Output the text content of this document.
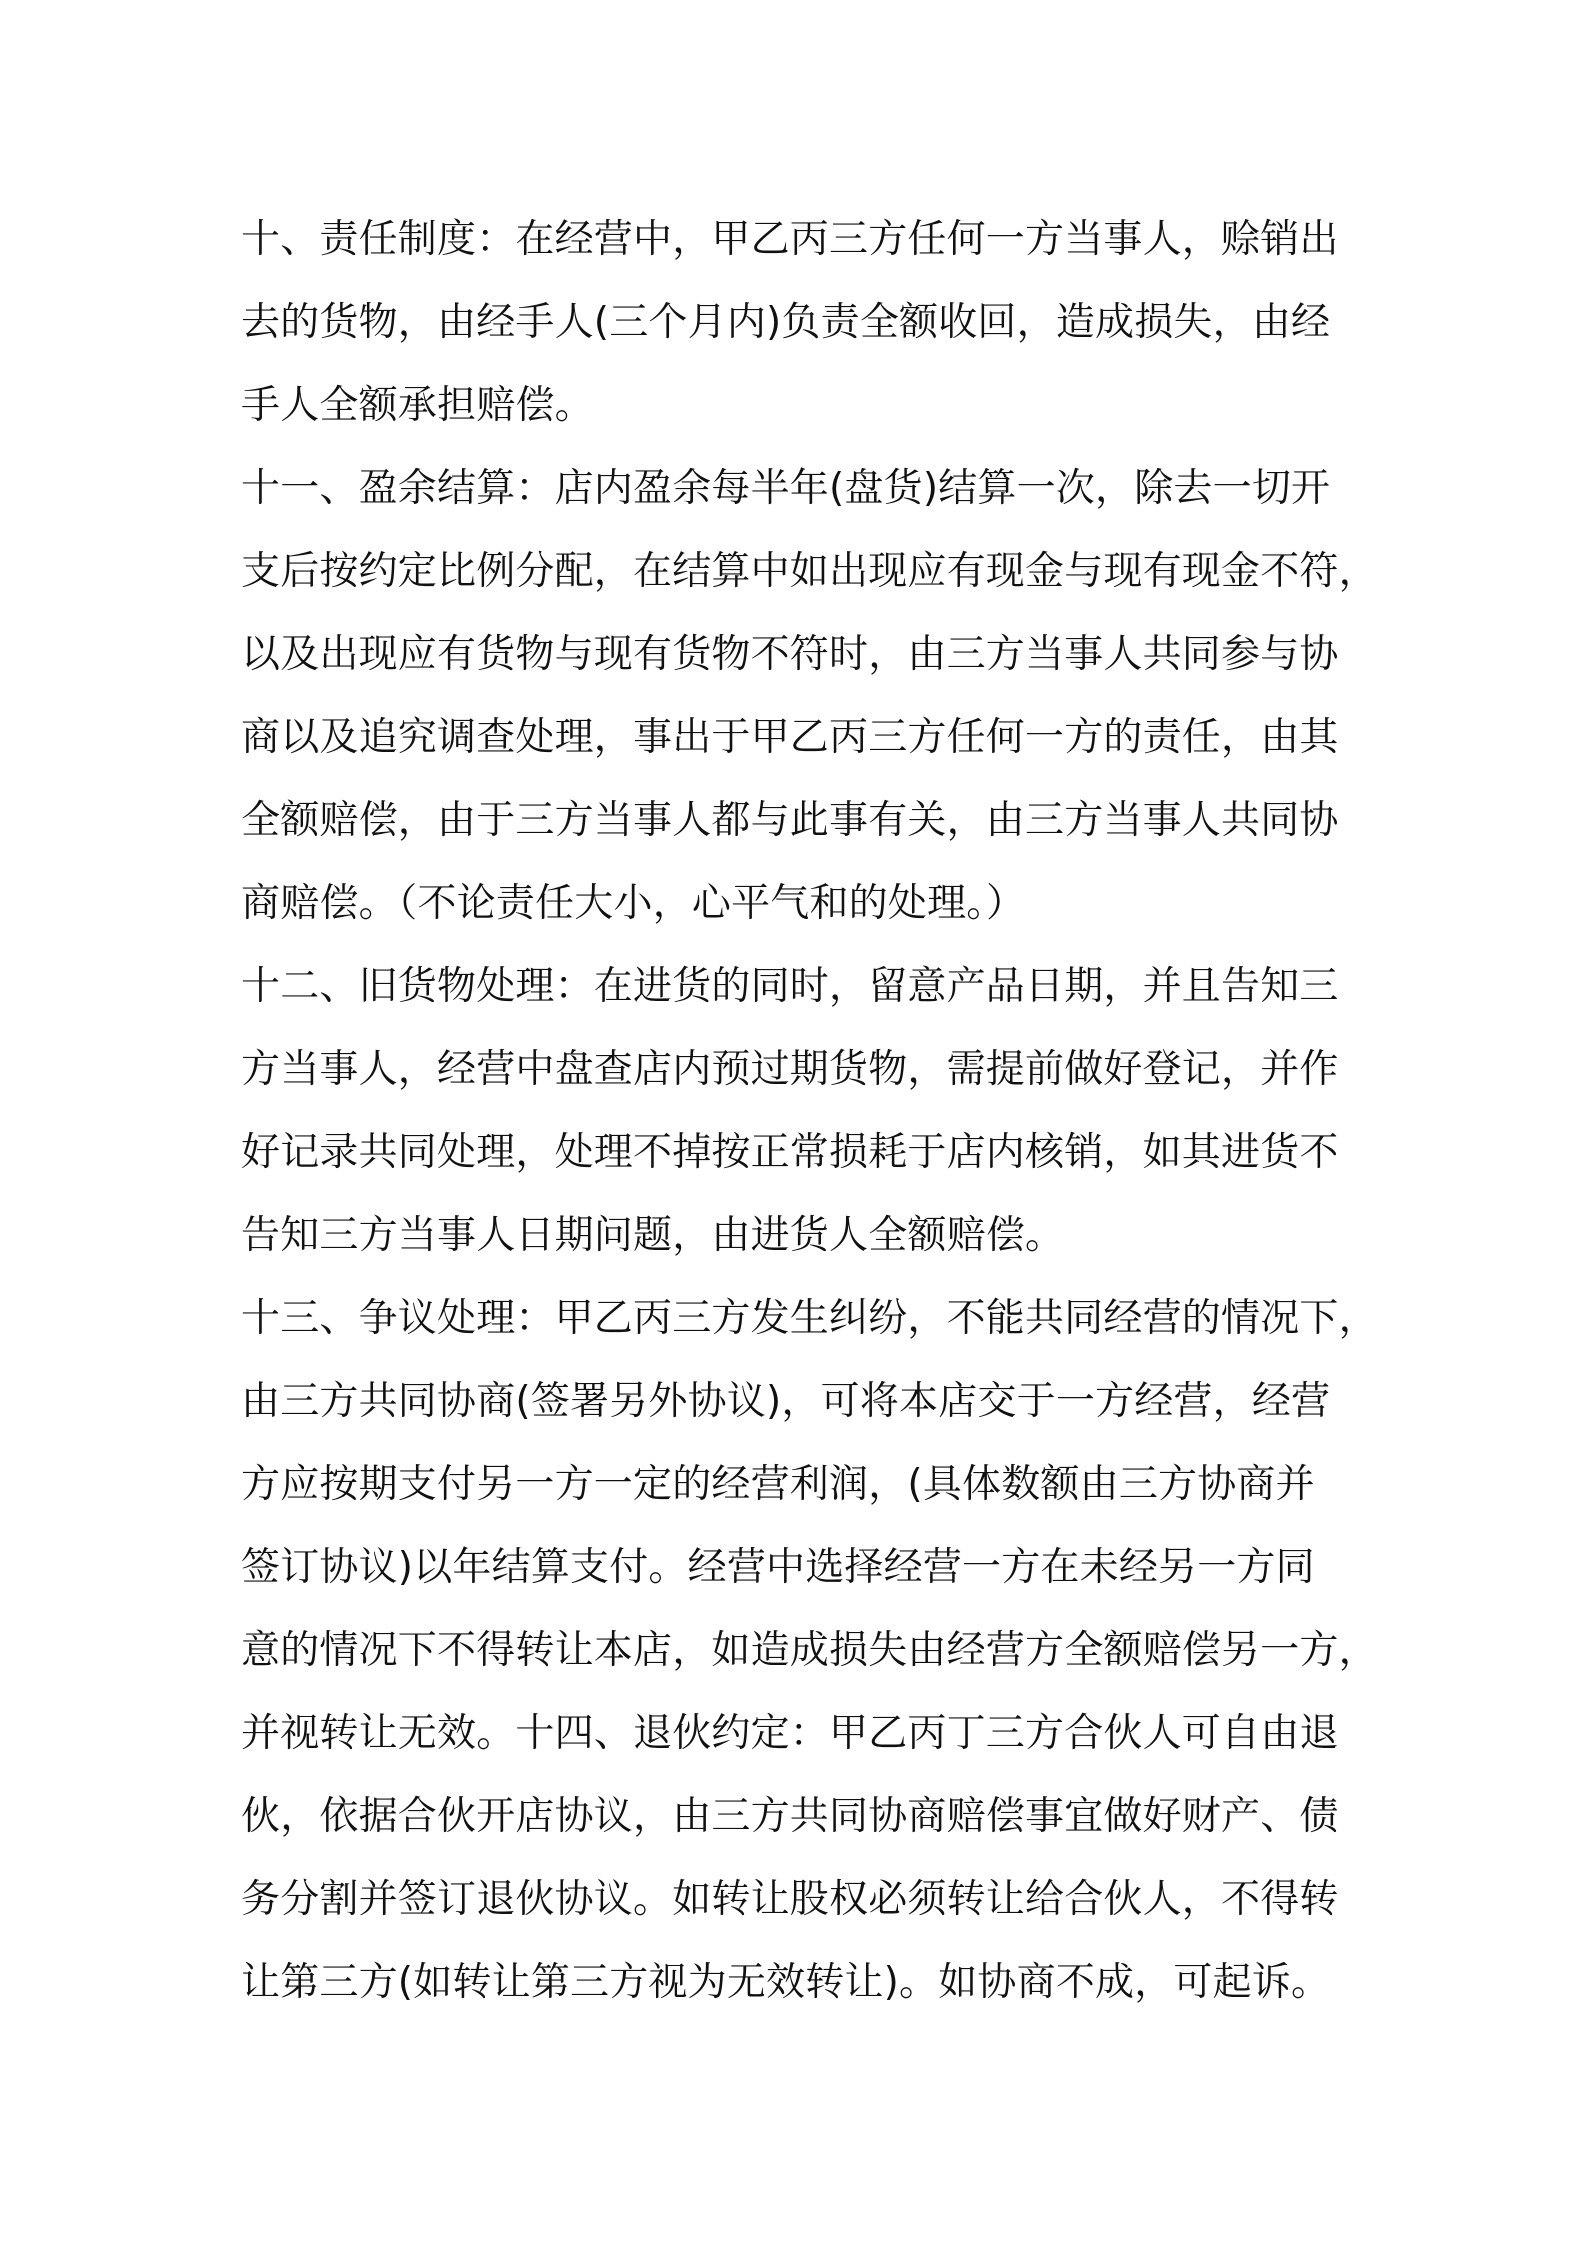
十、责任制度：在经营中，甲乙丙三方任何一方当事人，赊销出
去的货物，由经手人(三个月内)负责全额收回，造成损失，由经
手人全额承担赔偿。
十一、盈余结算：店内盈余每半年(盘货)结算一次，除去一切开
支后按约定比例分配，在结算中如出现应有现金与现有现金不符，
以及出现应有货物与现有货物不符时，由三方当事人共同参与协
商以及追究调查处理，事出于甲乙丙三方任何一方的责任，由其
全额赔偿，由于三方当事人都与此事有关，由三方当事人共同协
商赔偿。（不论责任大小，心平气和的处理。）
十二、旧货物处理：在进货的同时，留意产品日期，并且告知三
方当事人，经营中盘查店内预过期货物，需提前做好登记，并作
好记录共同处理，处理不掉按正常损耗于店内核销，如其进货不
告知三方当事人日期问题，由进货人全额赔偿。
十三、争议处理：甲乙丙三方发生纠纷，不能共同经营的情况下，
由三方共同协商(签署另外协议)，可将本店交于一方经营，经营
方应按期支付另一方一定的经营利润，(具体数额由三方协商并
签订协议)以年结算支付。经营中选择经营一方在未经另一方同
意的情况下不得转让本店，如造成损失由经营方全额赔偿另一方，
并视转让无效。十四、退伙约定：甲乙丙丁三方合伙人可自由退
伙，依据合伙开店协议，由三方共同协商赔偿事宜做好财产、债
务分割并签订退伙协议。如转让股权必须转让给合伙人，不得转
让第三方(如转让第三方视为无效转让)。如协商不成，可起诉。
